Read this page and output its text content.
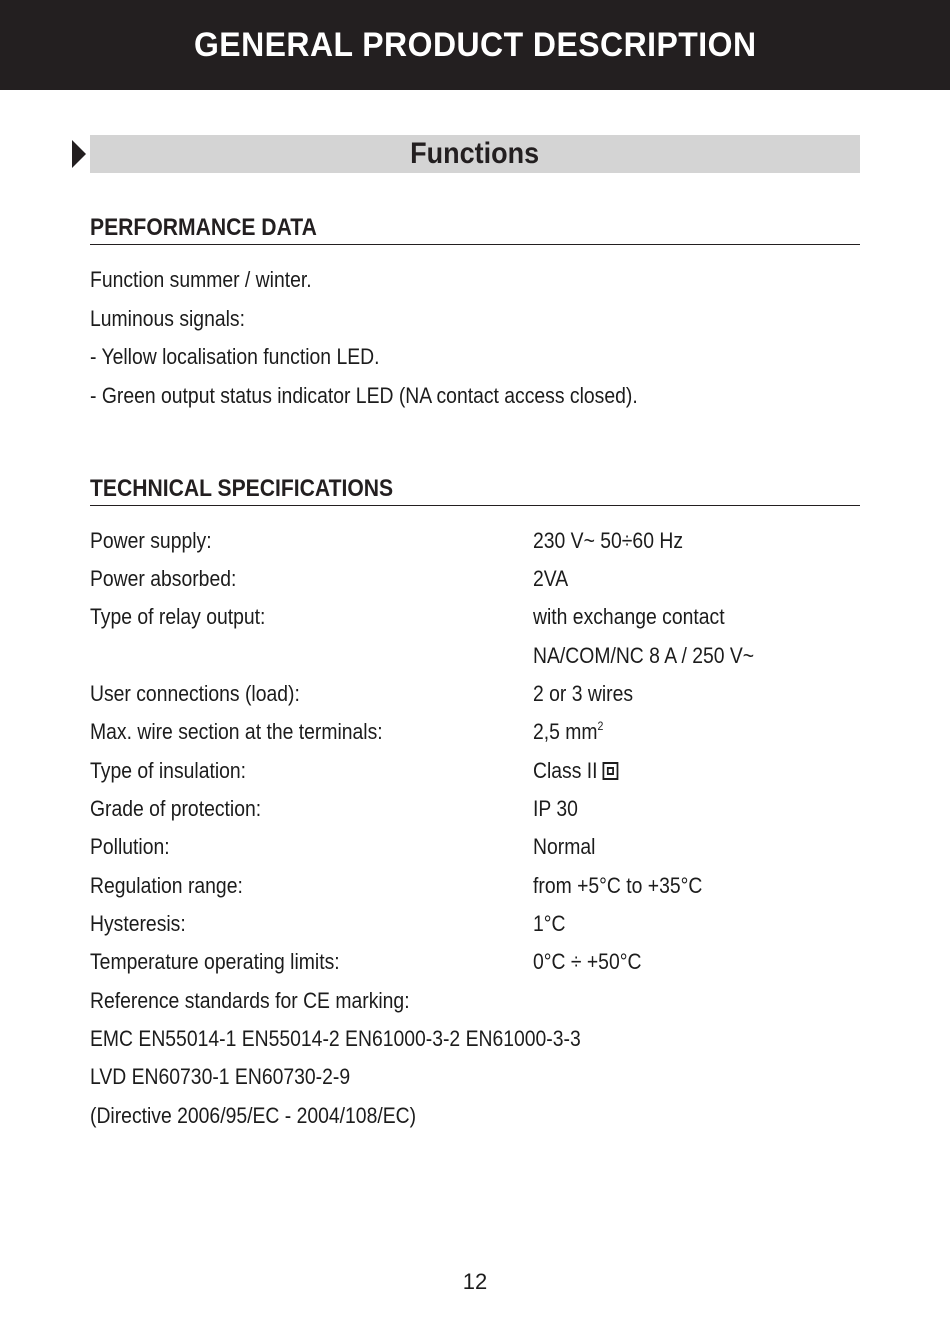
GENERAL PRODUCT DESCRIPTION
Functions
PERFORMANCE DATA
Function summer / winter.
Luminous signals:
- Yellow localisation function LED.
- Green output status indicator LED (NA contact access closed).
TECHNICAL SPECIFICATIONS
Power supply:	230 V~ 50÷60 Hz
Power absorbed:	2VA
Type of relay output:	with exchange contact
NA/COM/NC 8 A / 250 V~
User connections (load):	2 or 3 wires
Max. wire section at the terminals:	2,5 $mm^2$
Type of insulation:	Class II
Grade of protection:	IP 30
Pollution:	Normal
Regulation range:	from +5°C to +35°C
Hysteresis:	1°C
Temperature operating limits:	0°C ÷ +50°C
Reference standards for CE marking:
EMC EN55014-1 EN55014-2 EN61000-3-2 EN61000-3-3
LVD EN60730-1 EN60730-2-9
(Directive 2006/95/EC - 2004/108/EC)
12
